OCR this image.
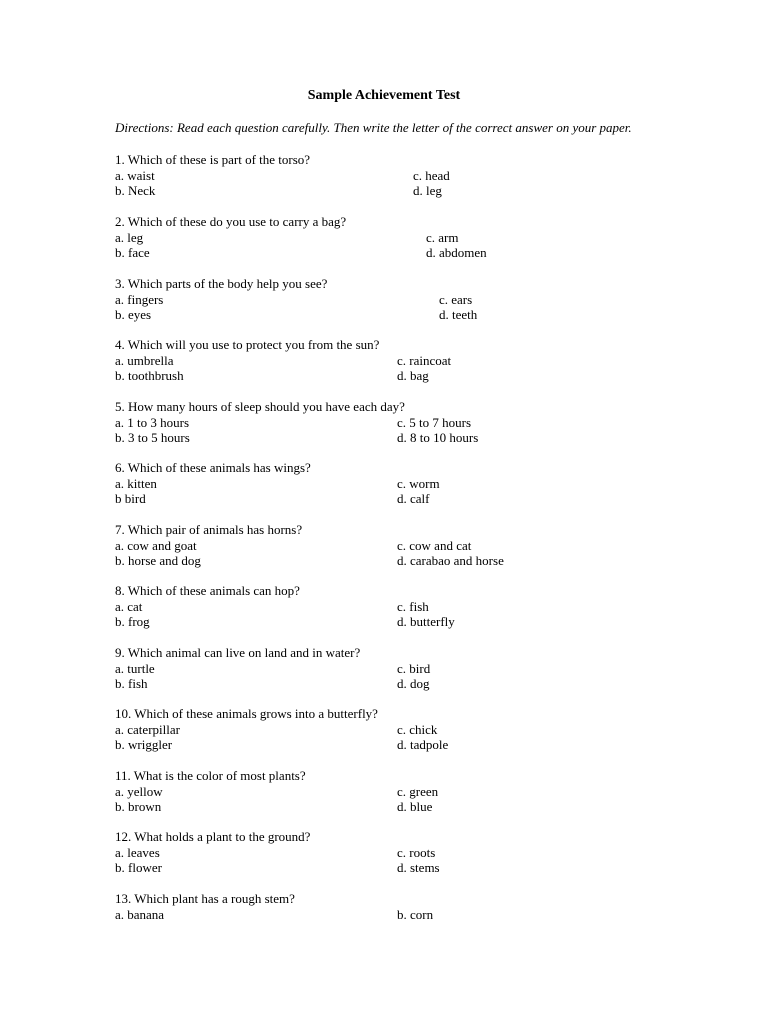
Sample Achievement Test
Directions: Read each question carefully. Then write the letter of the correct answer on your paper.
1. Which of these is part of the torso?
a. waist
b. Neck
c. head
d. leg
2. Which of these do you use to carry a bag?
a. leg
b. face
c. arm
d. abdomen
3. Which parts of the body help you see?
a. fingers
b. eyes
c. ears
d. teeth
4. Which will you use to protect you from the sun?
a. umbrella
b. toothbrush
c. raincoat
d. bag
5. How many hours of sleep should you have each day?
a. 1 to 3 hours
b. 3 to 5 hours
c. 5 to 7 hours
d. 8 to 10 hours
6. Which of these animals has wings?
a. kitten
b bird
c. worm
d. calf
7. Which pair of animals has horns?
a. cow and goat
b. horse and dog
c. cow and cat
d. carabao and horse
8. Which of these animals can hop?
a. cat
b. frog
c. fish
d. butterfly
9. Which animal can live on land and in water?
a. turtle
b. fish
c. bird
d. dog
10. Which of these animals grows into a butterfly?
a. caterpillar
b. wriggler
c. chick
d. tadpole
11. What is the color of most plants?
a. yellow
b. brown
c. green
d. blue
12. What holds a plant to the ground?
a. leaves
b. flower
c. roots
d. stems
13. Which plant has a rough stem?
a. banana	b. corn
